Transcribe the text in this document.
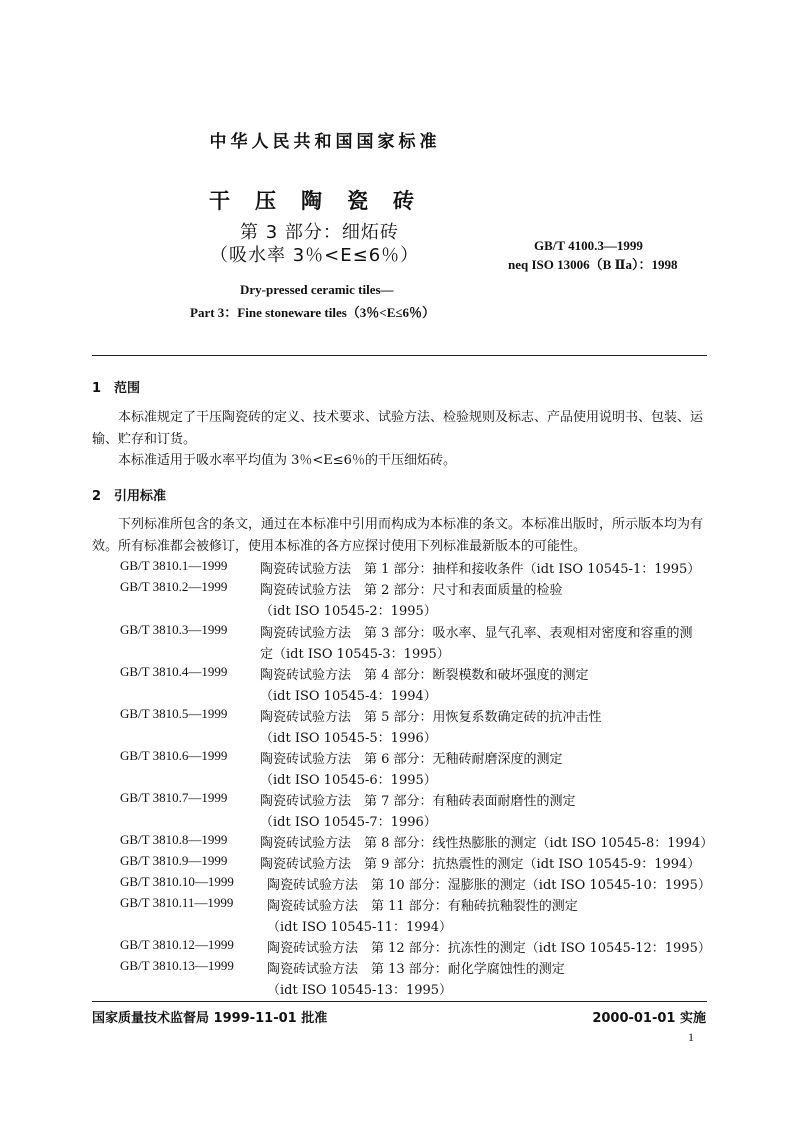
中华人民共和国国家标准
干压陶瓷砖
第 3 部分：细炻砖
（吸水率 3％<E≤6％）	GB/T 4100.3—1999
neq ISO 13006（B Ⅱa）：1998
Dry-pressed ceramic tiles—
Part 3：Fine stoneware tiles（3％<E≤6％）
1 范围
本标准规定了干压陶瓷砖的定义、技术要求、试验方法、检验规则及标志、产品使用说明书、包装、运输、贮存和订货。
本标准适用于吸水率平均值为 3％<E≤6％的干压细炻砖。
2 引用标准
下列标准所包含的条文，通过在本标准中引用而构成为本标准的条文。本标准出版时，所示版本均为有效。所有标准都会被修订，使用本标准的各方应探讨使用下列标准最新版本的可能性。
GB/T 3810.1—1999	陶瓷砖试验方法　第 1 部分：抽样和接收条件（idt ISO 10545-1：1995）
GB/T 3810.2—1999	陶瓷砖试验方法　第 2 部分：尺寸和表面质量的检验
（idt ISO 10545-2：1995）
GB/T 3810.3—1999	陶瓷砖试验方法　第 3 部分：吸水率、显气孔率、表观相对密度和容重的测
定（idt ISO 10545-3：1995）
GB/T 3810.4—1999	陶瓷砖试验方法　第 4 部分：断裂模数和破坏强度的测定
（idt ISO 10545-4：1994）
GB/T 3810.5—1999	陶瓷砖试验方法　第 5 部分：用恢复系数确定砖的抗冲击性
（idt ISO 10545-5：1996）
GB/T 3810.6—1999	陶瓷砖试验方法　第 6 部分：无釉砖耐磨深度的测定
（idt ISO 10545-6：1995）
GB/T 3810.7—1999	陶瓷砖试验方法　第 7 部分：有釉砖表面耐磨性的测定
（idt ISO 10545-7：1996）
GB/T 3810.8—1999	陶瓷砖试验方法　第 8 部分：线性热膨胀的测定（idt ISO 10545-8：1994）
GB/T 3810.9—1999	陶瓷砖试验方法　第 9 部分：抗热震性的测定（idt ISO 10545-9：1994）
GB/T 3810.10—1999	陶瓷砖试验方法　第 10 部分：湿膨胀的测定（idt ISO 10545-10：1995）
GB/T 3810.11—1999	陶瓷砖试验方法　第 11 部分：有釉砖抗釉裂性的测定
（idt ISO 10545-11：1994）
GB/T 3810.12—1999	陶瓷砖试验方法　第 12 部分：抗冻性的测定（idt ISO 10545-12：1995）
GB/T 3810.13—1999	陶瓷砖试验方法　第 13 部分：耐化学腐蚀性的测定
（idt ISO 10545-13：1995）
国家质量技术监督局 1999-11-01 批准	2000-01-01 实施
1
